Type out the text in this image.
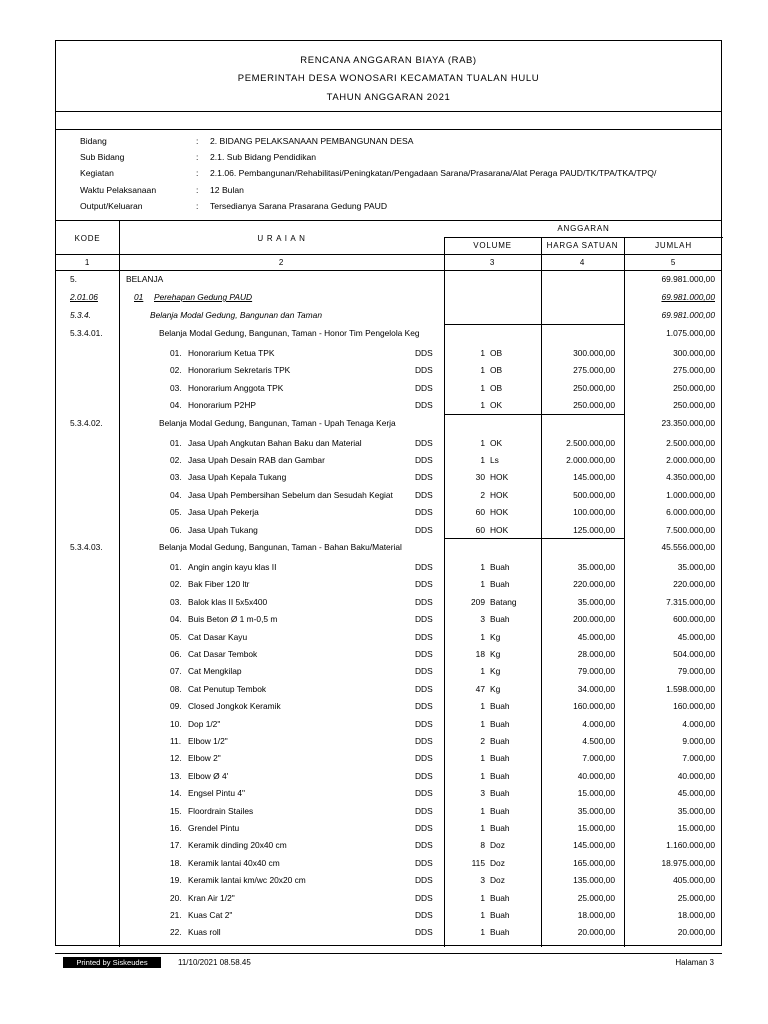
RENCANA ANGGARAN BIAYA (RAB)
PEMERINTAH DESA WONOSARI KECAMATAN TUALAN HULU
TAHUN ANGGARAN 2021
Bidang	: 2. BIDANG PELAKSANAAN PEMBANGUNAN DESA
Sub Bidang	: 2.1. Sub Bidang Pendidikan
Kegiatan	: 2.1.06. Pembangunan/Rehabilitasi/Peningkatan/Pengadaan Sarana/Prasarana/Alat Peraga PAUD/TK/TPA/TKA/TPQ/
Waktu Pelaksanaan	: 12 Bulan
Output/Keluaran	: Tersedianya Sarana Prasarana Gedung PAUD
KODE	U R A I A N
ANGGARAN
VOLUME	HARGA SATUAN	JUMLAH
1	2	3	4	5
5.	BELANJA	69.981.000,00
2.01.06	01 Perehapan Gedung PAUD	69.981.000,00
5.3.4.	Belanja Modal Gedung, Bangunan dan Taman	69.981.000,00
5.3.4.01.	Belanja Modal Gedung, Bangunan, Taman - Honor Tim Pengelola Keg	1.075.000,00
01. Honorarium Ketua TPK	DDS	1 OB	300.000,00	300.000,00
02. Honorarium Sekretaris TPK	DDS	1 OB	275.000,00	275.000,00
03. Honorarium Anggota TPK	DDS	1 OB	250.000,00	250.000,00
04. Honorarium P2HP	DDS	1 OK	250.000,00	250.000,00
5.3.4.02.	Belanja Modal Gedung, Bangunan, Taman - Upah Tenaga Kerja	23.350.000,00
01. Jasa Upah Angkutan Bahan Baku dan Material	DDS	1 OK	2.500.000,00	2.500.000,00
02. Jasa Upah Desain RAB dan Gambar	DDS	1 Ls	2.000.000,00	2.000.000,00
03. Jasa Upah Kepala Tukang	DDS	30 HOK	145.000,00	4.350.000,00
04. Jasa Upah Pembersihan Sebelum dan Sesudah Kegiat	DDS	2 HOK	500.000,00	1.000.000,00
05. Jasa Upah Pekerja	DDS	60 HOK	100.000,00	6.000.000,00
06. Jasa Upah Tukang	DDS	60 HOK	125.000,00	7.500.000,00
5.3.4.03.	Belanja Modal Gedung, Bangunan, Taman - Bahan Baku/Material	45.556.000,00
01. Angin angin kayu klas II	DDS	1 Buah	35.000,00	35.000,00
02. Bak Fiber 120 ltr	DDS	1 Buah	220.000,00	220.000,00
03. Balok klas II 5x5x400	DDS	209 Batang	35.000,00	7.315.000,00
04. Buis Beton Ø 1 m-0,5 m	DDS	3 Buah	200.000,00	600.000,00
05. Cat Dasar Kayu	DDS	1 Kg	45.000,00	45.000,00
06. Cat Dasar Tembok	DDS	18 Kg	28.000,00	504.000,00
07. Cat Mengkilap	DDS	1 Kg	79.000,00	79.000,00
08. Cat Penutup Tembok	DDS	47 Kg	34.000,00	1.598.000,00
09. Closed Jongkok Keramik	DDS	1 Buah	160.000,00	160.000,00
10. Dop 1/2"	DDS	1 Buah	4.000,00	4.000,00
11. Elbow 1/2"	DDS	2 Buah	4.500,00	9.000,00
12. Elbow 2"	DDS	1 Buah	7.000,00	7.000,00
13. Elbow Ø 4'	DDS	1 Buah	40.000,00	40.000,00
14. Engsel Pintu 4"	DDS	3 Buah	15.000,00	45.000,00
15. Floordrain Stailes	DDS	1 Buah	35.000,00	35.000,00
16. Grendel Pintu	DDS	1 Buah	15.000,00	15.000,00
17. Keramik dinding 20x40 cm	DDS	8 Doz	145.000,00	1.160.000,00
18. Keramik lantai 40x40 cm	DDS	115 Doz	165.000,00	18.975.000,00
19. Keramik lantai km/wc 20x20 cm	DDS	3 Doz	135.000,00	405.000,00
20. Kran Air 1/2"	DDS	1 Buah	25.000,00	25.000,00
21. Kuas Cat 2"	DDS	1 Buah	18.000,00	18.000,00
22. Kuas roll	DDS	1 Buah	20.000,00	20.000,00
Printed by Siskeudes	11/10/2021 08.58.45	Halaman 3
